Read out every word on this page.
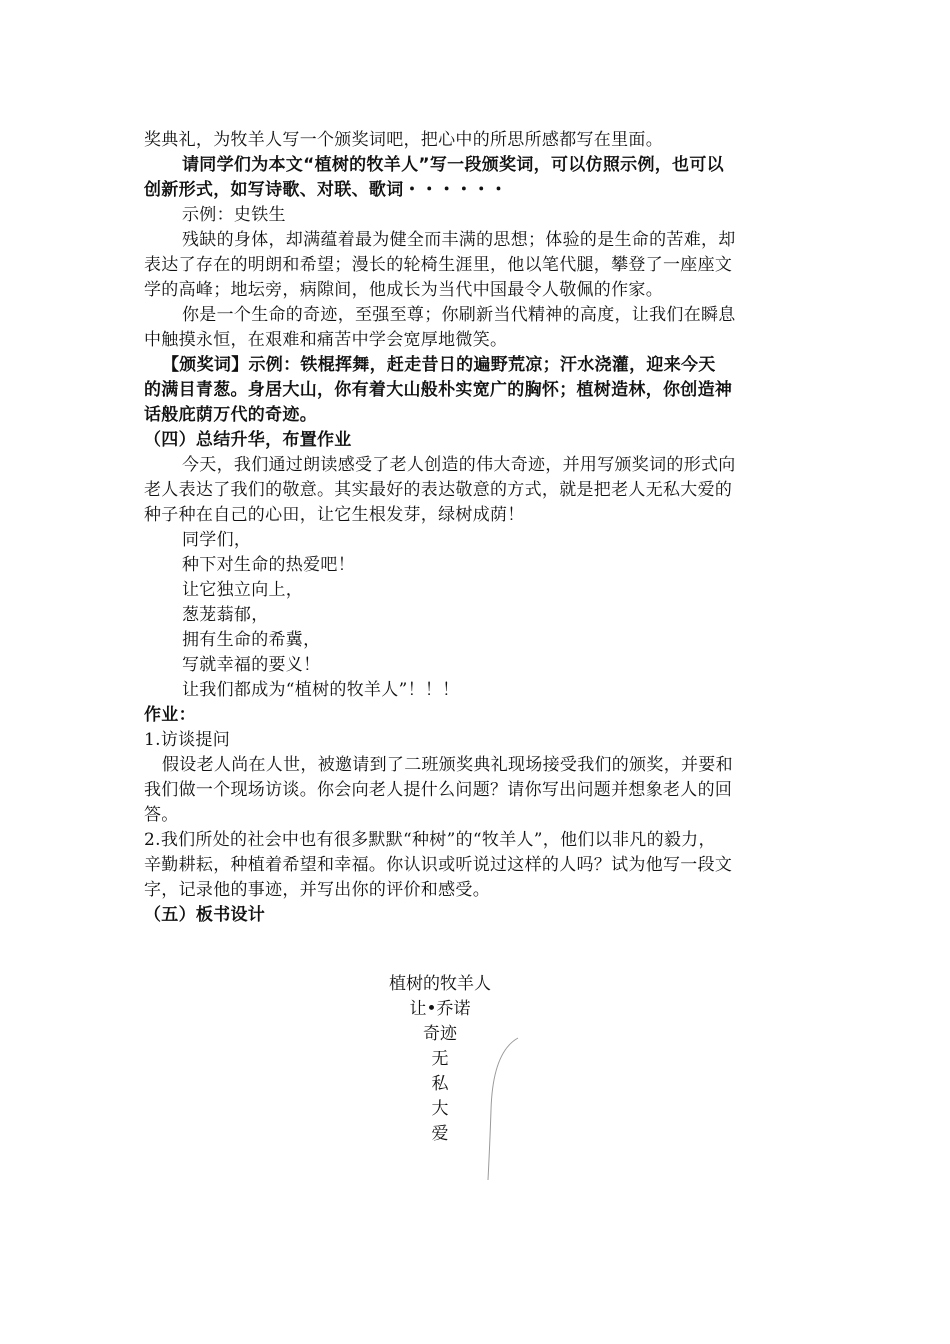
奖典礼，为牧羊人写一个颁奖词吧，把心中的所思所感都写在里面。
请同学们为本文“植树的牧羊人”写一段颁奖词，可以仿照示例，也可以
创新形式，如写诗歌、对联、歌词・・・・・・
示例：史铁生
残缺的身体，却满蕴着最为健全而丰满的思想；体验的是生命的苦难，却
表达了存在的明朗和希望；漫长的轮椅生涯里，他以笔代腿，攀登了一座座文
学的高峰；地坛旁，病隙间，他成长为当代中国最令人敬佩的作家。
你是一个生命的奇迹，至强至尊；你刷新当代精神的高度，让我们在瞬息
中触摸永恒，在艰难和痛苦中学会宽厚地微笑。
【颁奖词】示例：铁棍挥舞，赶走昔日的遍野荒凉；汗水浇灌，迎来今天
的满目青葱。身居大山，你有着大山般朴实宽广的胸怀；植树造林，你创造神
话般庇荫万代的奇迹。
（四）总结升华，布置作业
今天，我们通过朗读感受了老人创造的伟大奇迹，并用写颁奖词的形式向
老人表达了我们的敬意。其实最好的表达敬意的方式，就是把老人无私大爱的
种子种在自己的心田，让它生根发芽，绿树成荫！
同学们，
种下对生命的热爱吧！
让它独立向上，
葱茏蓊郁，
拥有生命的希冀，
写就幸福的要义！
让我们都成为“植树的牧羊人”！！！
作业：
1.访谈提问
假设老人尚在人世，被邀请到了二班颁奖典礼现场接受我们的颁奖，并要和
我们做一个现场访谈。你会向老人提什么问题？请你写出问题并想象老人的回
答。
2.我们所处的社会中也有很多默默“种树”的“牧羊人”，他们以非凡的毅力，
辛勤耕耘，种植着希望和幸福。你认识或听说过这样的人吗？试为他写一段文
字，记录他的事迹，并写出你的评价和感受。
（五）板书设计
植树的牧羊人
让•乔诺
奇迹
无
私
大
爱
